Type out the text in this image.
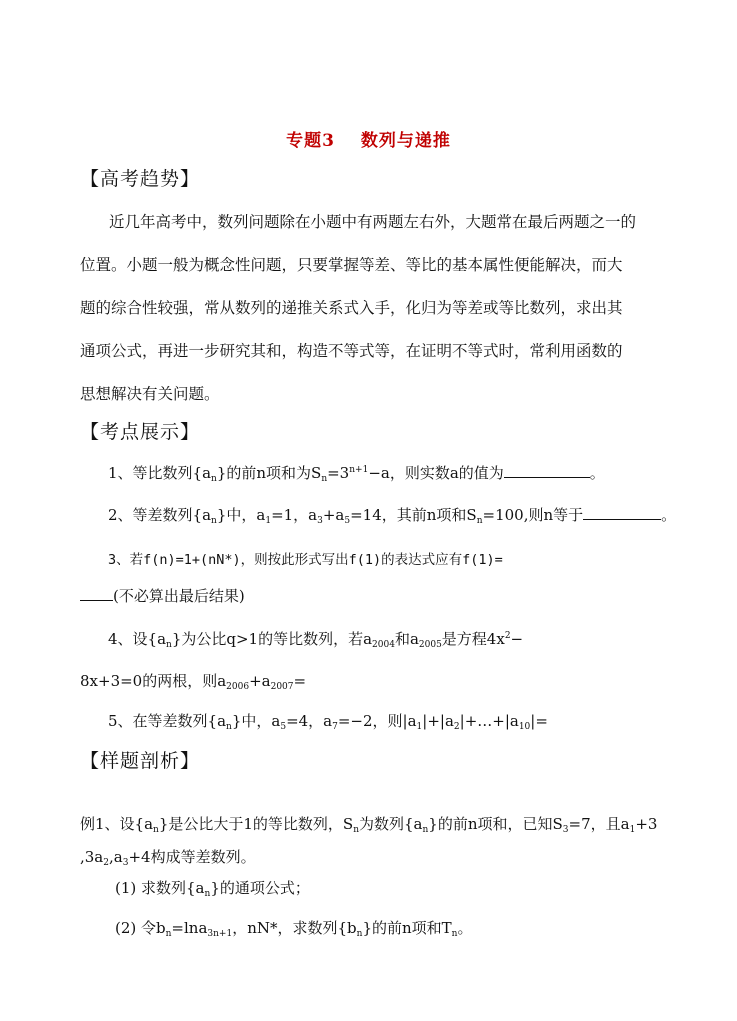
专题3 数列与递推
【高考趋势】
近几年高考中，数列问题除在小题中有两题左右外，大题常在最后两题之一的
位置。小题一般为概念性问题，只要掌握等差、等比的基本属性便能解决，而大
题的综合性较强，常从数列的递推关系式入手，化归为等差或等比数列，求出其
通项公式，再进一步研究其和，构造不等式等，在证明不等式时，常利用函数的
思想解决有关问题。
【考点展示】
1、等比数列$\{a_n\}$的前n项和为$S_n=3^{n+1}-a$，则实数a的值为	。
2、等差数列$\{a_n\}$中，$a_1=1$，$a_3+a_5=14$，其前n项和$S_n=100$,则n等于	。
3、若f(n)=1+(nN*)，则按此形式写出f(1)的表达式应有f(1)=
(不必算出最后结果)
4、设$\{a_n\}$为公比q>1的等比数列，若$a_{2004}$和$a_{2005}$是方程$4x^2-$
8x+3=0的两根，则$a_{2006}+a_{2007}=$
5、在等差数列$\{a_n\}$中，$a_5=4$，$a_7=-2$，则$|a_1|+|a_2|+\dots+|a_{10}|=$
【样题剖析】
例1、设$\{a_n\}$是公比大于1的等比数列，$S_n$为数列$\{a_n\}$的前n项和，已知$S_3=7$，且$a_1+3$
$,3a_2,a_3+4$构成等差数列。
(1) 求数列$\{a_n\}$的通项公式；
(2) 令$b_n=\ln a_{3n+1}$，nN*，求数列$\{b_n\}$的前n项和$T_n$。
